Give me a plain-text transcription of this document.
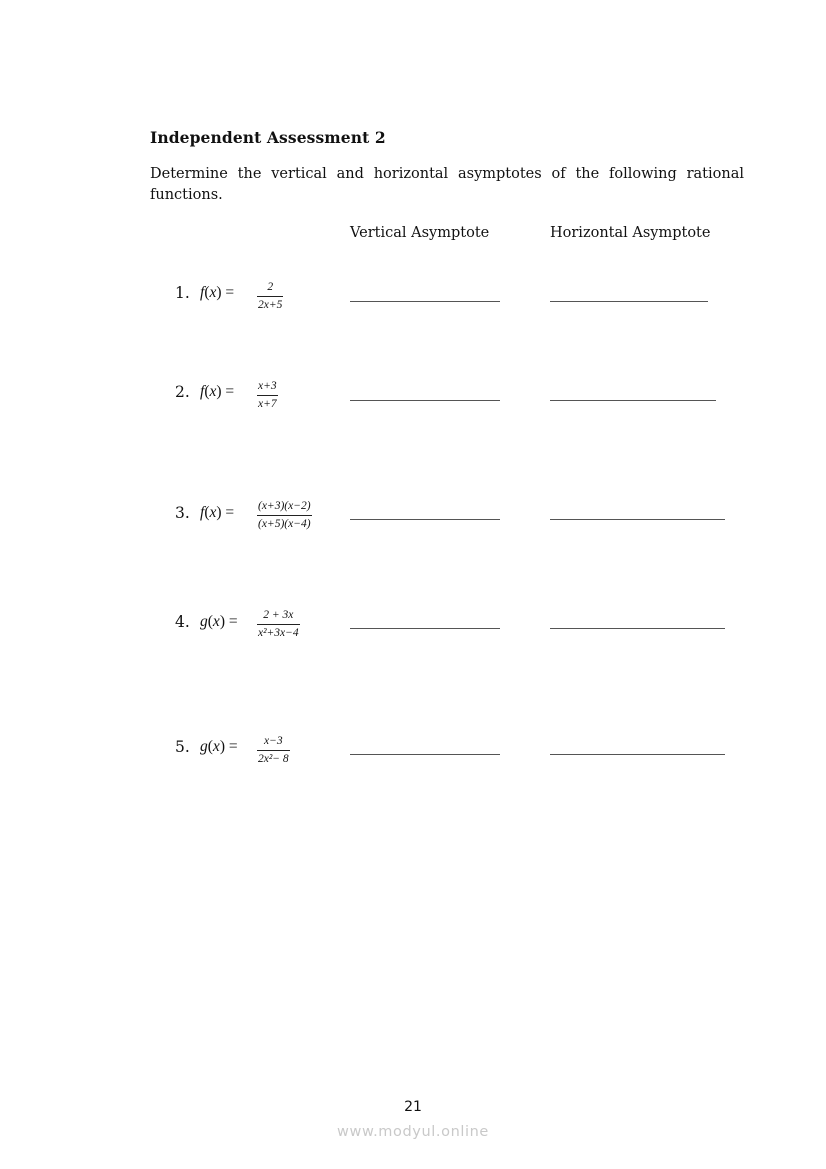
Independent Assessment 2
Determine the vertical and horizontal asymptotes of the following rational functions.
Vertical Asymptote	Horizontal Asymptote
1. f(x) =	2
2x+5
2. f(x) = x+3
x+7
3. f(x) = (x+3)(x−2)
(x+5)(x−4)
4. g(x) = 2 + 3x
x²+3x−4
5. g(x) = x−3
2x²− 8
21
www.modyul.online
